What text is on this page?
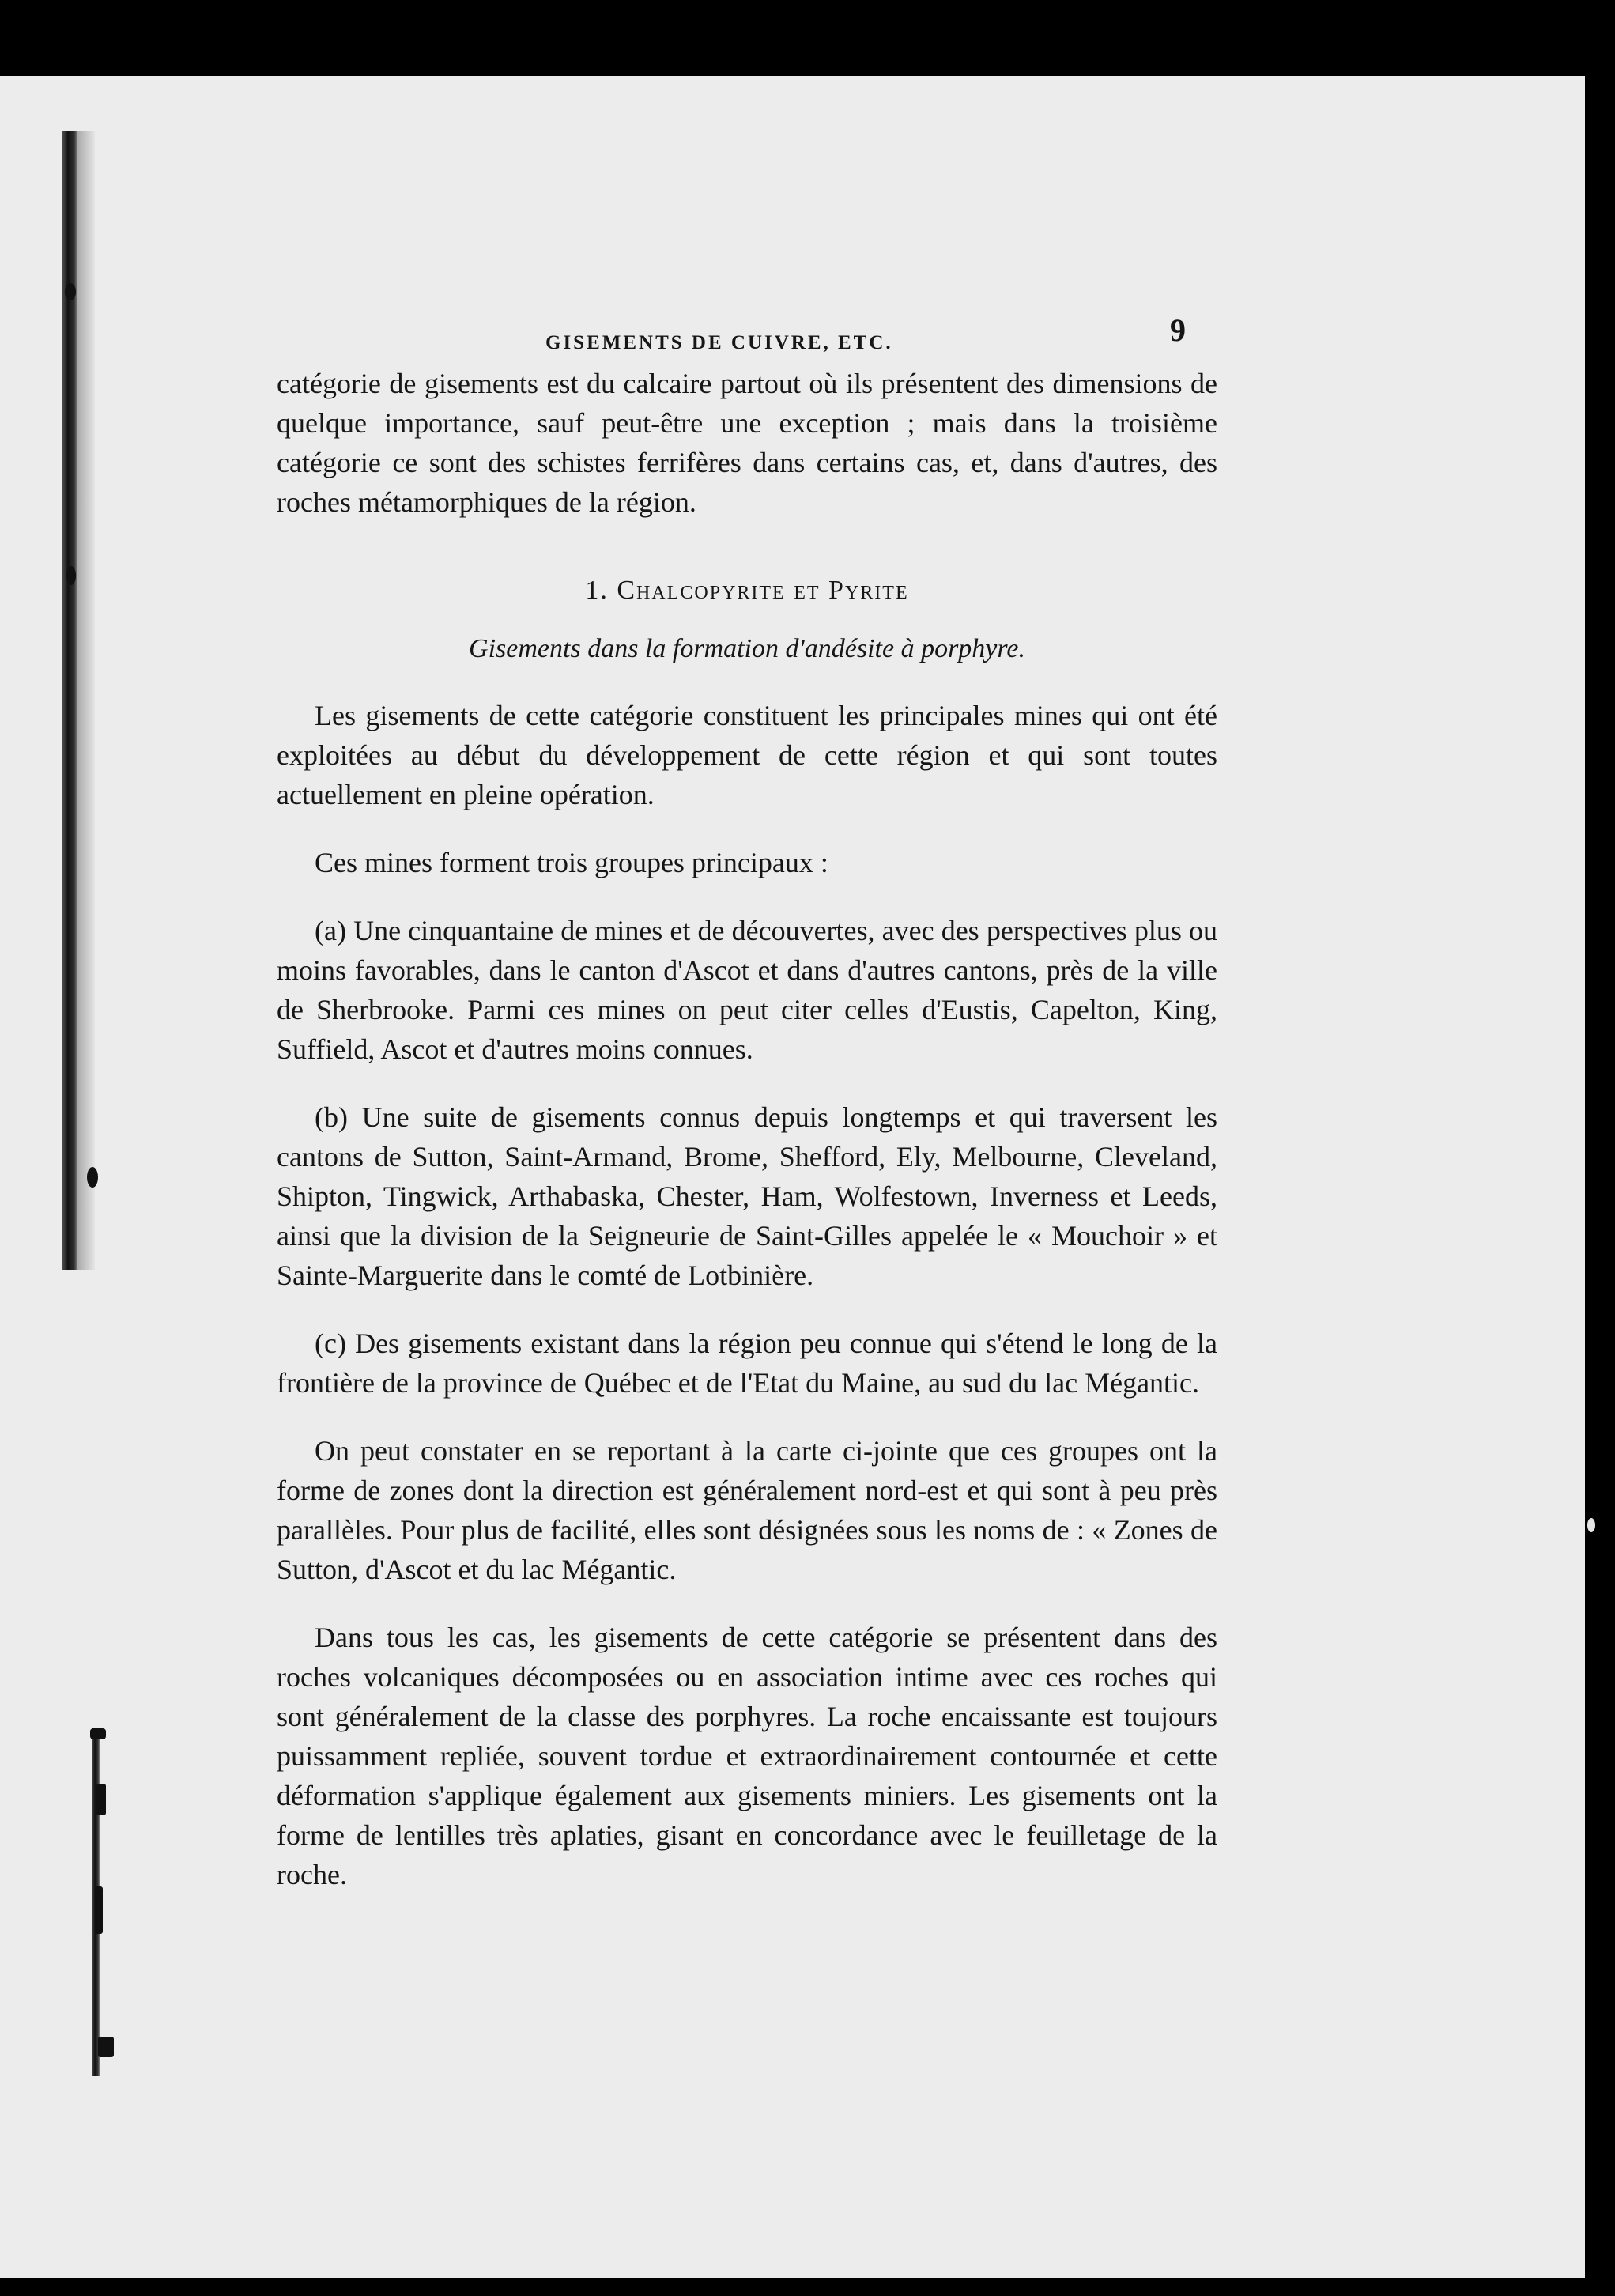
GISEMENTS DE CUIVRE, ETC.	9

catégorie de gisements est du calcaire partout où ils présentent des dimensions de quelque importance, sauf peut-être une exception ; mais dans la troisième catégorie ce sont des schistes ferrifères dans certains cas, et, dans d'autres, des roches métamorphiques de la région.

1. Chalcopyrite et Pyrite
Gisements dans la formation d'andésite à porphyre.

Les gisements de cette catégorie constituent les principales mines qui ont été exploitées au début du développement de cette région et qui sont toutes actuellement en pleine opération.

Ces mines forment trois groupes principaux :

(a) Une cinquantaine de mines et de découvertes, avec des perspectives plus ou moins favorables, dans le canton d'Ascot et dans d'autres cantons, près de la ville de Sherbrooke. Parmi ces mines on peut citer celles d'Eustis, Capelton, King, Suffield, Ascot et d'autres moins connues.

(b) Une suite de gisements connus depuis longtemps et qui traversent les cantons de Sutton, Saint-Armand, Brome, Shefford, Ely, Melbourne, Cleveland, Shipton, Tingwick, Arthabaska, Chester, Ham, Wolfestown, Inverness et Leeds, ainsi que la division de la Seigneurie de Saint-Gilles appelée le « Mouchoir » et Sainte-Marguerite dans le comté de Lotbinière.

(c) Des gisements existant dans la région peu connue qui s'étend le long de la frontière de la province de Québec et de l'Etat du Maine, au sud du lac Mégantic.

On peut constater en se reportant à la carte ci-jointe que ces groupes ont la forme de zones dont la direction est généralement nord-est et qui sont à peu près parallèles. Pour plus de facilité, elles sont désignées sous les noms de : « Zones de Sutton, d'Ascot et du lac Mégantic.

Dans tous les cas, les gisements de cette catégorie se présentent dans des roches volcaniques décomposées ou en association intime avec ces roches qui sont généralement de la classe des porphyres. La roche encaissante est toujours puissamment repliée, souvent tordue et extraordinairement contournée et cette déformation s'applique également aux gisements miniers. Les gisements ont la forme de lentilles très aplaties, gisant en concordance avec le feuilletage de la roche.
